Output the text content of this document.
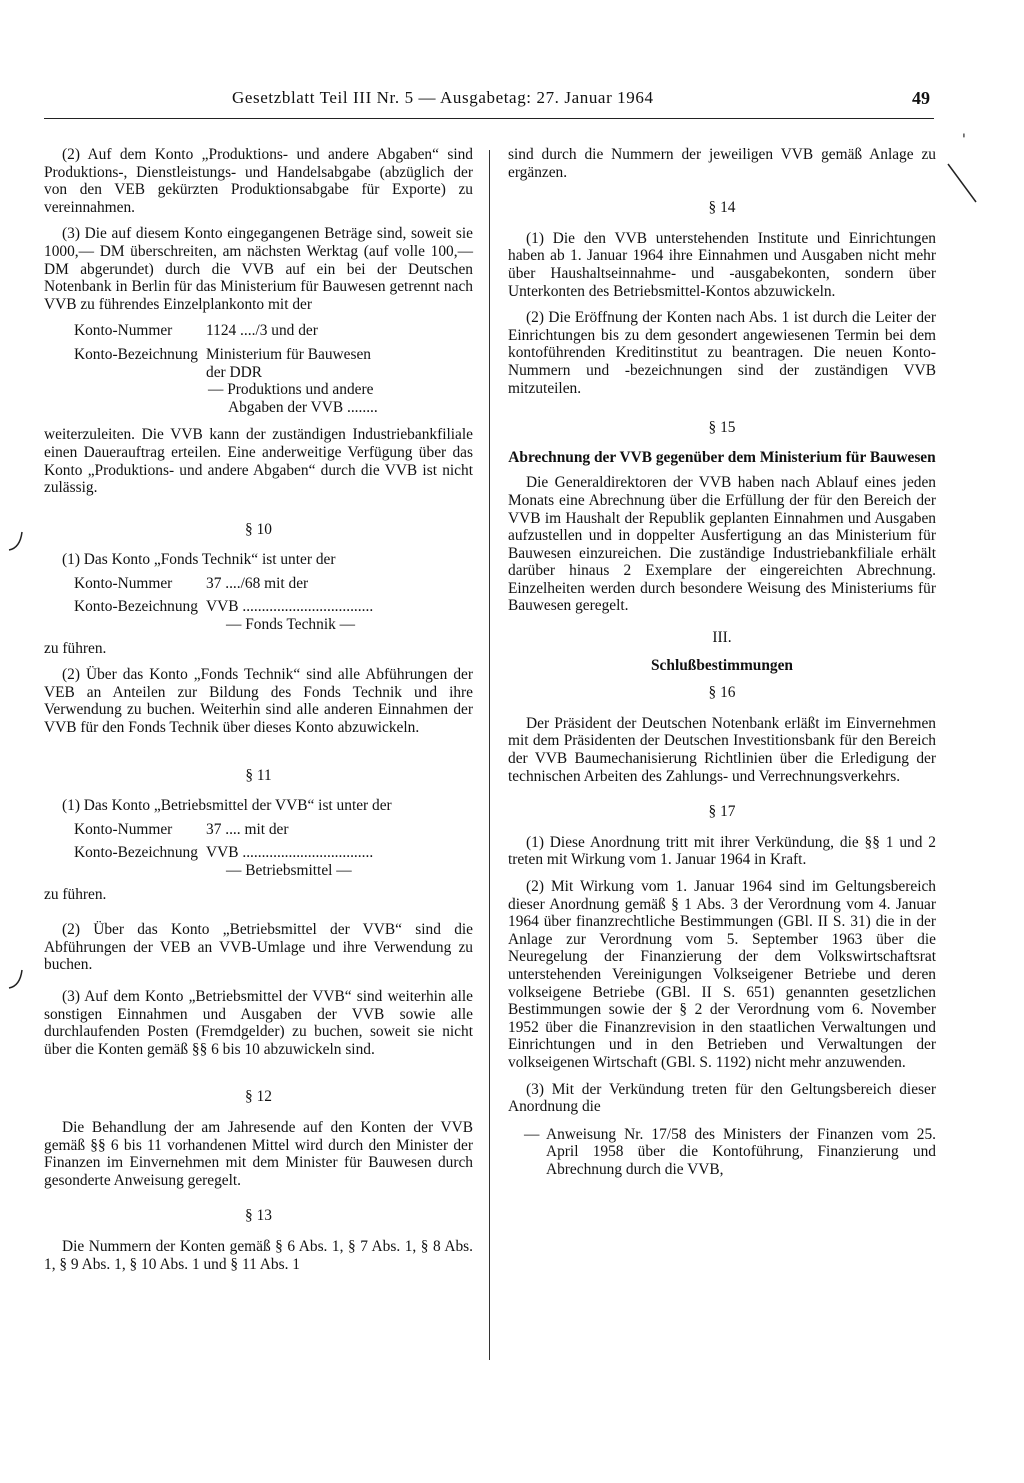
Gesetzblatt Teil III Nr. 5 — Ausgabetag: 27. Januar 1964	49
'

(2) Auf dem Konto „Produktions- und andere Abgaben“ sind Produktions-, Dienstleistungs- und Handelsabgabe (abzüglich der von den VEB gekürzten Produktionsabgabe für Exporte) zu vereinnahmen.

(3) Die auf diesem Konto eingegangenen Beträge sind, soweit sie 1000,— DM überschreiten, am nächsten Werktag (auf volle 100,— DM abgerundet) durch die VVB auf ein bei der Deutschen Notenbank in Berlin für das Ministerium für Bauwesen getrennt nach VVB zu führendes Einzelplankonto mit der

Konto-Nummer	1124 ..../3 und der
Konto-Bezeichnung Ministerium für Bauwesen
der DDR
— Produktions und andere
Abgaben der VVB ........

weiterzuleiten. Die VVB kann der zuständigen Industriebankfiliale einen Dauerauftrag erteilen. Eine anderweitige Verfügung über das Konto „Produktions- und andere Abgaben“ durch die VVB ist nicht zulässig.

§ 10

(1) Das Konto „Fonds Technik“ ist unter der

Konto-Nummer	37 ..../68 mit der
Konto-Bezeichnung VVB ..................................
— Fonds Technik —

zu führen.

(2) Über das Konto „Fonds Technik“ sind alle Abführungen der VEB an Anteilen zur Bildung des Fonds Technik und ihre Verwendung zu buchen. Weiterhin sind alle anderen Einnahmen der VVB für den Fonds Technik über dieses Konto abzuwickeln.

§ 11

(1) Das Konto „Betriebsmittel der VVB“ ist unter der

Konto-Nummer	37 .... mit der
Konto-Bezeichnung VVB ..................................
— Betriebsmittel —

zu führen.

(2) Über das Konto „Betriebsmittel der VVB“ sind die Abführungen der VEB an VVB-Umlage und ihre Verwendung zu buchen.

(3) Auf dem Konto „Betriebsmittel der VVB“ sind weiterhin alle sonstigen Einnahmen und Ausgaben der VVB sowie alle durchlaufenden Posten (Fremdgelder) zu buchen, soweit sie nicht über die Konten gemäß §§ 6 bis 10 abzuwickeln sind.

§ 12

Die Behandlung der am Jahresende auf den Konten der VVB gemäß §§ 6 bis 11 vorhandenen Mittel wird durch den Minister der Finanzen im Einvernehmen mit dem Minister für Bauwesen durch gesonderte Anweisung geregelt.

§ 13

Die Nummern der Konten gemäß § 6 Abs. 1, § 7 Abs. 1, § 8 Abs. 1, § 9 Abs. 1, § 10 Abs. 1 und § 11 Abs. 1

sind durch die Nummern der jeweiligen VVB gemäß Anlage zu ergänzen.

§ 14

(1) Die den VVB unterstehenden Institute und Einrichtungen haben ab 1. Januar 1964 ihre Einnahmen und Ausgaben nicht mehr über Haushaltseinnahme- und -ausgabekonten, sondern über Unterkonten des Betriebsmittel-Kontos abzuwickeln.

(2) Die Eröffnung der Konten nach Abs. 1 ist durch die Leiter der Einrichtungen bis zu dem gesondert angewiesenen Termin bei dem kontoführenden Kreditinstitut zu beantragen. Die neuen Konto-Nummern und -bezeichnungen sind der zuständigen VVB mitzuteilen.

§ 15
Abrechnung der VVB gegenüber dem Ministerium für Bauwesen

Die Generaldirektoren der VVB haben nach Ablauf eines jeden Monats eine Abrechnung über die Erfüllung der für den Bereich der VVB im Haushalt der Republik geplanten Einnahmen und Ausgaben aufzustellen und in doppelter Ausfertigung an das Ministerium für Bauwesen einzureichen. Die zuständige Industriebankfiliale erhält darüber hinaus 2 Exemplare der eingereichten Abrechnung. Einzelheiten werden durch besondere Weisung des Ministeriums für Bauwesen geregelt.

III.
Schlußbestimmungen
§ 16

Der Präsident der Deutschen Notenbank erläßt im Einvernehmen mit dem Präsidenten der Deutschen Investitionsbank für den Bereich der VVB Baumechanisierung Richtlinien über die Erledigung der technischen Arbeiten des Zahlungs- und Verrechnungsverkehrs.

§ 17

(1) Diese Anordnung tritt mit ihrer Verkündung, die §§ 1 und 2 treten mit Wirkung vom 1. Januar 1964 in Kraft.

(2) Mit Wirkung vom 1. Januar 1964 sind im Geltungsbereich dieser Anordnung gemäß § 1 Abs. 3 der Verordnung vom 4. Januar 1964 über finanzrechtliche Bestimmungen (GBl. II S. 31) die in der Anlage zur Verordnung vom 5. September 1963 über die Neuregelung der Finanzierung der dem Volkswirtschaftsrat unterstehenden Vereinigungen Volkseigener Betriebe und deren volkseigene Betriebe (GBl. II S. 651) genannten gesetzlichen Bestimmungen sowie der § 2 der Verordnung vom 6. November 1952 über die Finanzrevision in den staatlichen Verwaltungen und Einrichtungen und in den Betrieben und Verwaltungen der volkseigenen Wirtschaft (GBl. S. 1192) nicht mehr anzuwenden.

(3) Mit der Verkündung treten für den Geltungsbereich dieser Anordnung die

— Anweisung Nr. 17/58 des Ministers der Finanzen vom 25. April 1958 über die Kontoführung, Finanzierung und Abrechnung durch die VVB,
